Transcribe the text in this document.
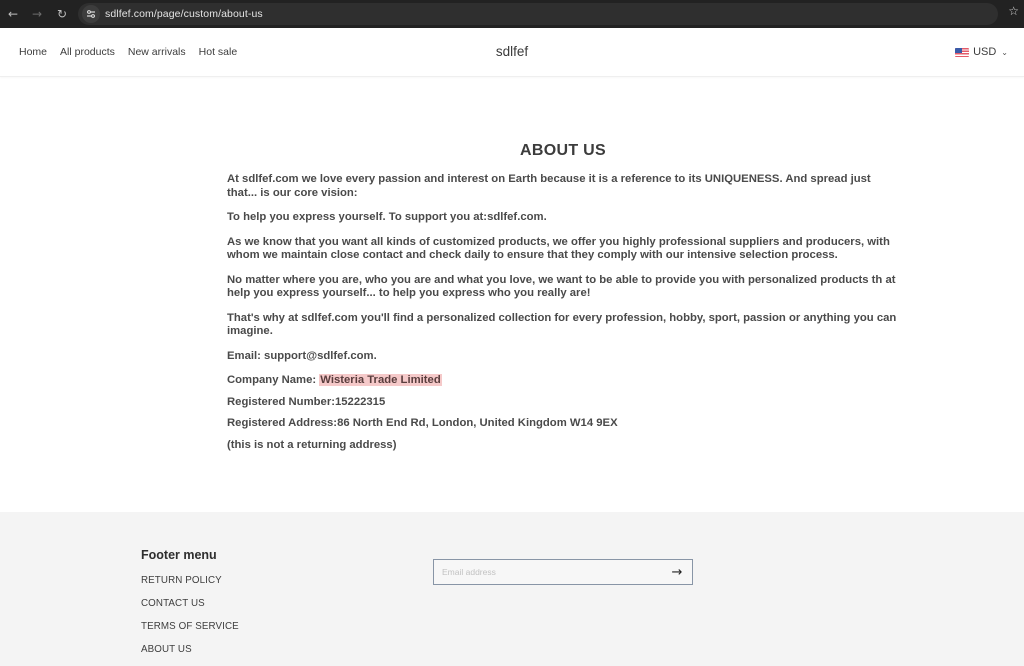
←	→	↻	sdlfef.com/page/custom/about-us	☆
Home All products New arrivals Hot sale	sdlfef	USD ⌄
ABOUT US

At sdlfef.com we love every passion and interest on Earth because it is a reference to its UNIQUENESS. And spread just that... is our core vision:

To help you express yourself. To support you at:sdlfef.com.

As we know that you want all kinds of customized products, we offer you highly professional suppliers and producers, with whom we maintain close contact and check daily to ensure that they comply with our intensive selection process.

No matter where you are, who you are and what you love, we want to be able to provide you with personalized products th at help you express yourself... to help you express who you really are!

That's why at sdlfef.com you'll find a personalized collection for every profession, hobby, sport, passion or anything you can imagine.

Email: support@sdlfef.com.

Company Name: Wisteria Trade Limited

Registered Number:15222315

Registered Address:86 North End Rd, London, United Kingdom W14 9EX

(this is not a returning address)

Footer menu
RETURN POLICY
CONTACT US
TERMS OF SERVICE
ABOUT US
Email address
→
